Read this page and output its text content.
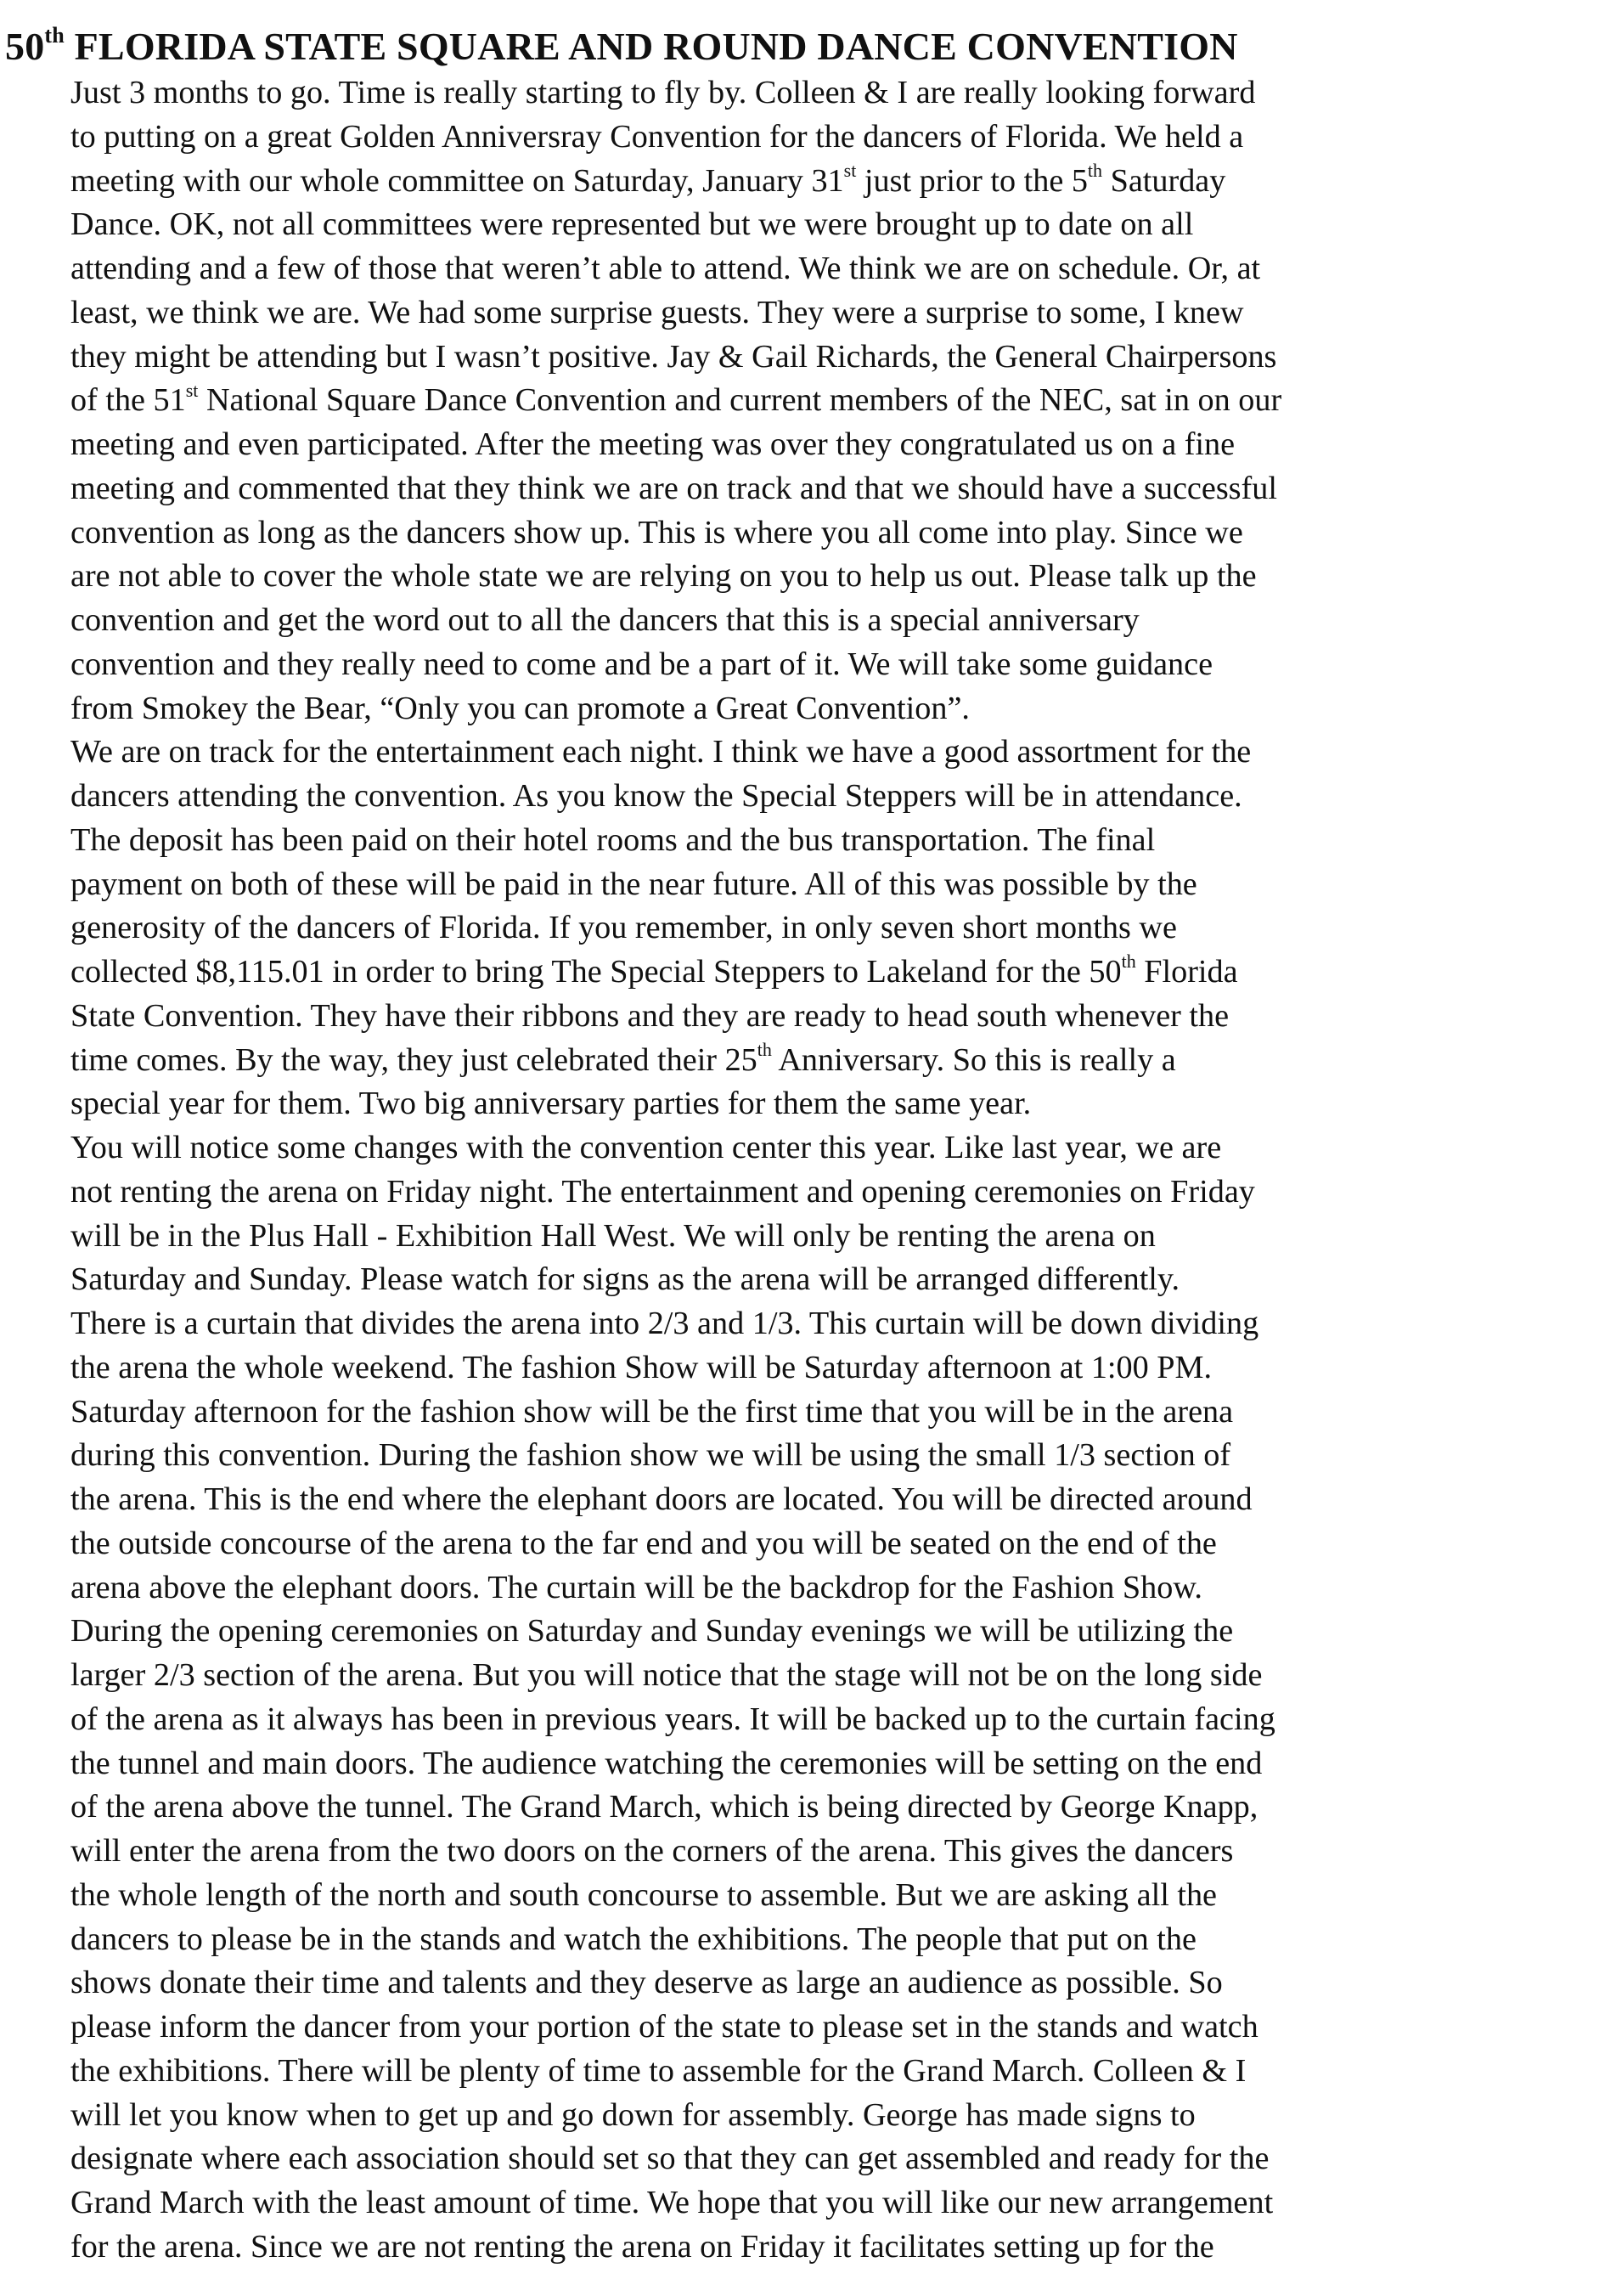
50th FLORIDA STATE SQUARE AND ROUND DANCE CONVENTION
Just 3 months to go. Time is really starting to fly by. Colleen & I are really looking forward
to putting on a great Golden Anniversray Convention for the dancers of Florida. We held a
meeting with our whole committee on Saturday, January 31st just prior to the 5th Saturday
Dance. OK, not all committees were represented but we were brought up to date on all
attending and a few of those that weren’t able to attend. We think we are on schedule. Or, at
least, we think we are. We had some surprise guests. They were a surprise to some, I knew
they might be attending but I wasn’t positive. Jay & Gail Richards, the General Chairpersons
of the 51st National Square Dance Convention and current members of the NEC, sat in on our
meeting and even participated. After the meeting was over they congratulated us on a fine
meeting and commented that they think we are on track and that we should have a successful
convention as long as the dancers show up. This is where you all come into play. Since we
are not able to cover the whole state we are relying on you to help us out. Please talk up the
convention and get the word out to all the dancers that this is a special anniversary
convention and they really need to come and be a part of it. We will take some guidance
from Smokey the Bear, “Only you can promote a Great Convention”.
We are on track for the entertainment each night. I think we have a good assortment for the
dancers attending the convention. As you know the Special Steppers will be in attendance.
The deposit has been paid on their hotel rooms and the bus transportation. The final
payment on both of these will be paid in the near future. All of this was possible by the
generosity of the dancers of Florida. If you remember, in only seven short months we
collected $8,115.01 in order to bring The Special Steppers to Lakeland for the 50th Florida
State Convention. They have their ribbons and they are ready to head south whenever the
time comes. By the way, they just celebrated their 25th Anniversary. So this is really a
special year for them. Two big anniversary parties for them the same year.
You will notice some changes with the convention center this year. Like last year, we are
not renting the arena on Friday night. The entertainment and opening ceremonies on Friday
will be in the Plus Hall - Exhibition Hall West. We will only be renting the arena on
Saturday and Sunday. Please watch for signs as the arena will be arranged differently.
There is a curtain that divides the arena into 2/3 and 1/3. This curtain will be down dividing
the arena the whole weekend. The fashion Show will be Saturday afternoon at 1:00 PM.
Saturday afternoon for the fashion show will be the first time that you will be in the arena
during this convention. During the fashion show we will be using the small 1/3 section of
the arena. This is the end where the elephant doors are located. You will be directed around
the outside concourse of the arena to the far end and you will be seated on the end of the
arena above the elephant doors. The curtain will be the backdrop for the Fashion Show.
During the opening ceremonies on Saturday and Sunday evenings we will be utilizing the
larger 2/3 section of the arena. But you will notice that the stage will not be on the long side
of the arena as it always has been in previous years. It will be backed up to the curtain facing
the tunnel and main doors. The audience watching the ceremonies will be setting on the end
of the arena above the tunnel. The Grand March, which is being directed by George Knapp,
will enter the arena from the two doors on the corners of the arena. This gives the dancers
the whole length of the north and south concourse to assemble. But we are asking all the
dancers to please be in the stands and watch the exhibitions. The people that put on the
shows donate their time and talents and they deserve as large an audience as possible. So
please inform the dancer from your portion of the state to please set in the stands and watch
the exhibitions. There will be plenty of time to assemble for the Grand March. Colleen & I
will let you know when to get up and go down for assembly. George has made signs to
designate where each association should set so that they can get assembled and ready for the
Grand March with the least amount of time. We hope that you will like our new arrangement
for the arena. Since we are not renting the arena on Friday it facilitates setting up for the
